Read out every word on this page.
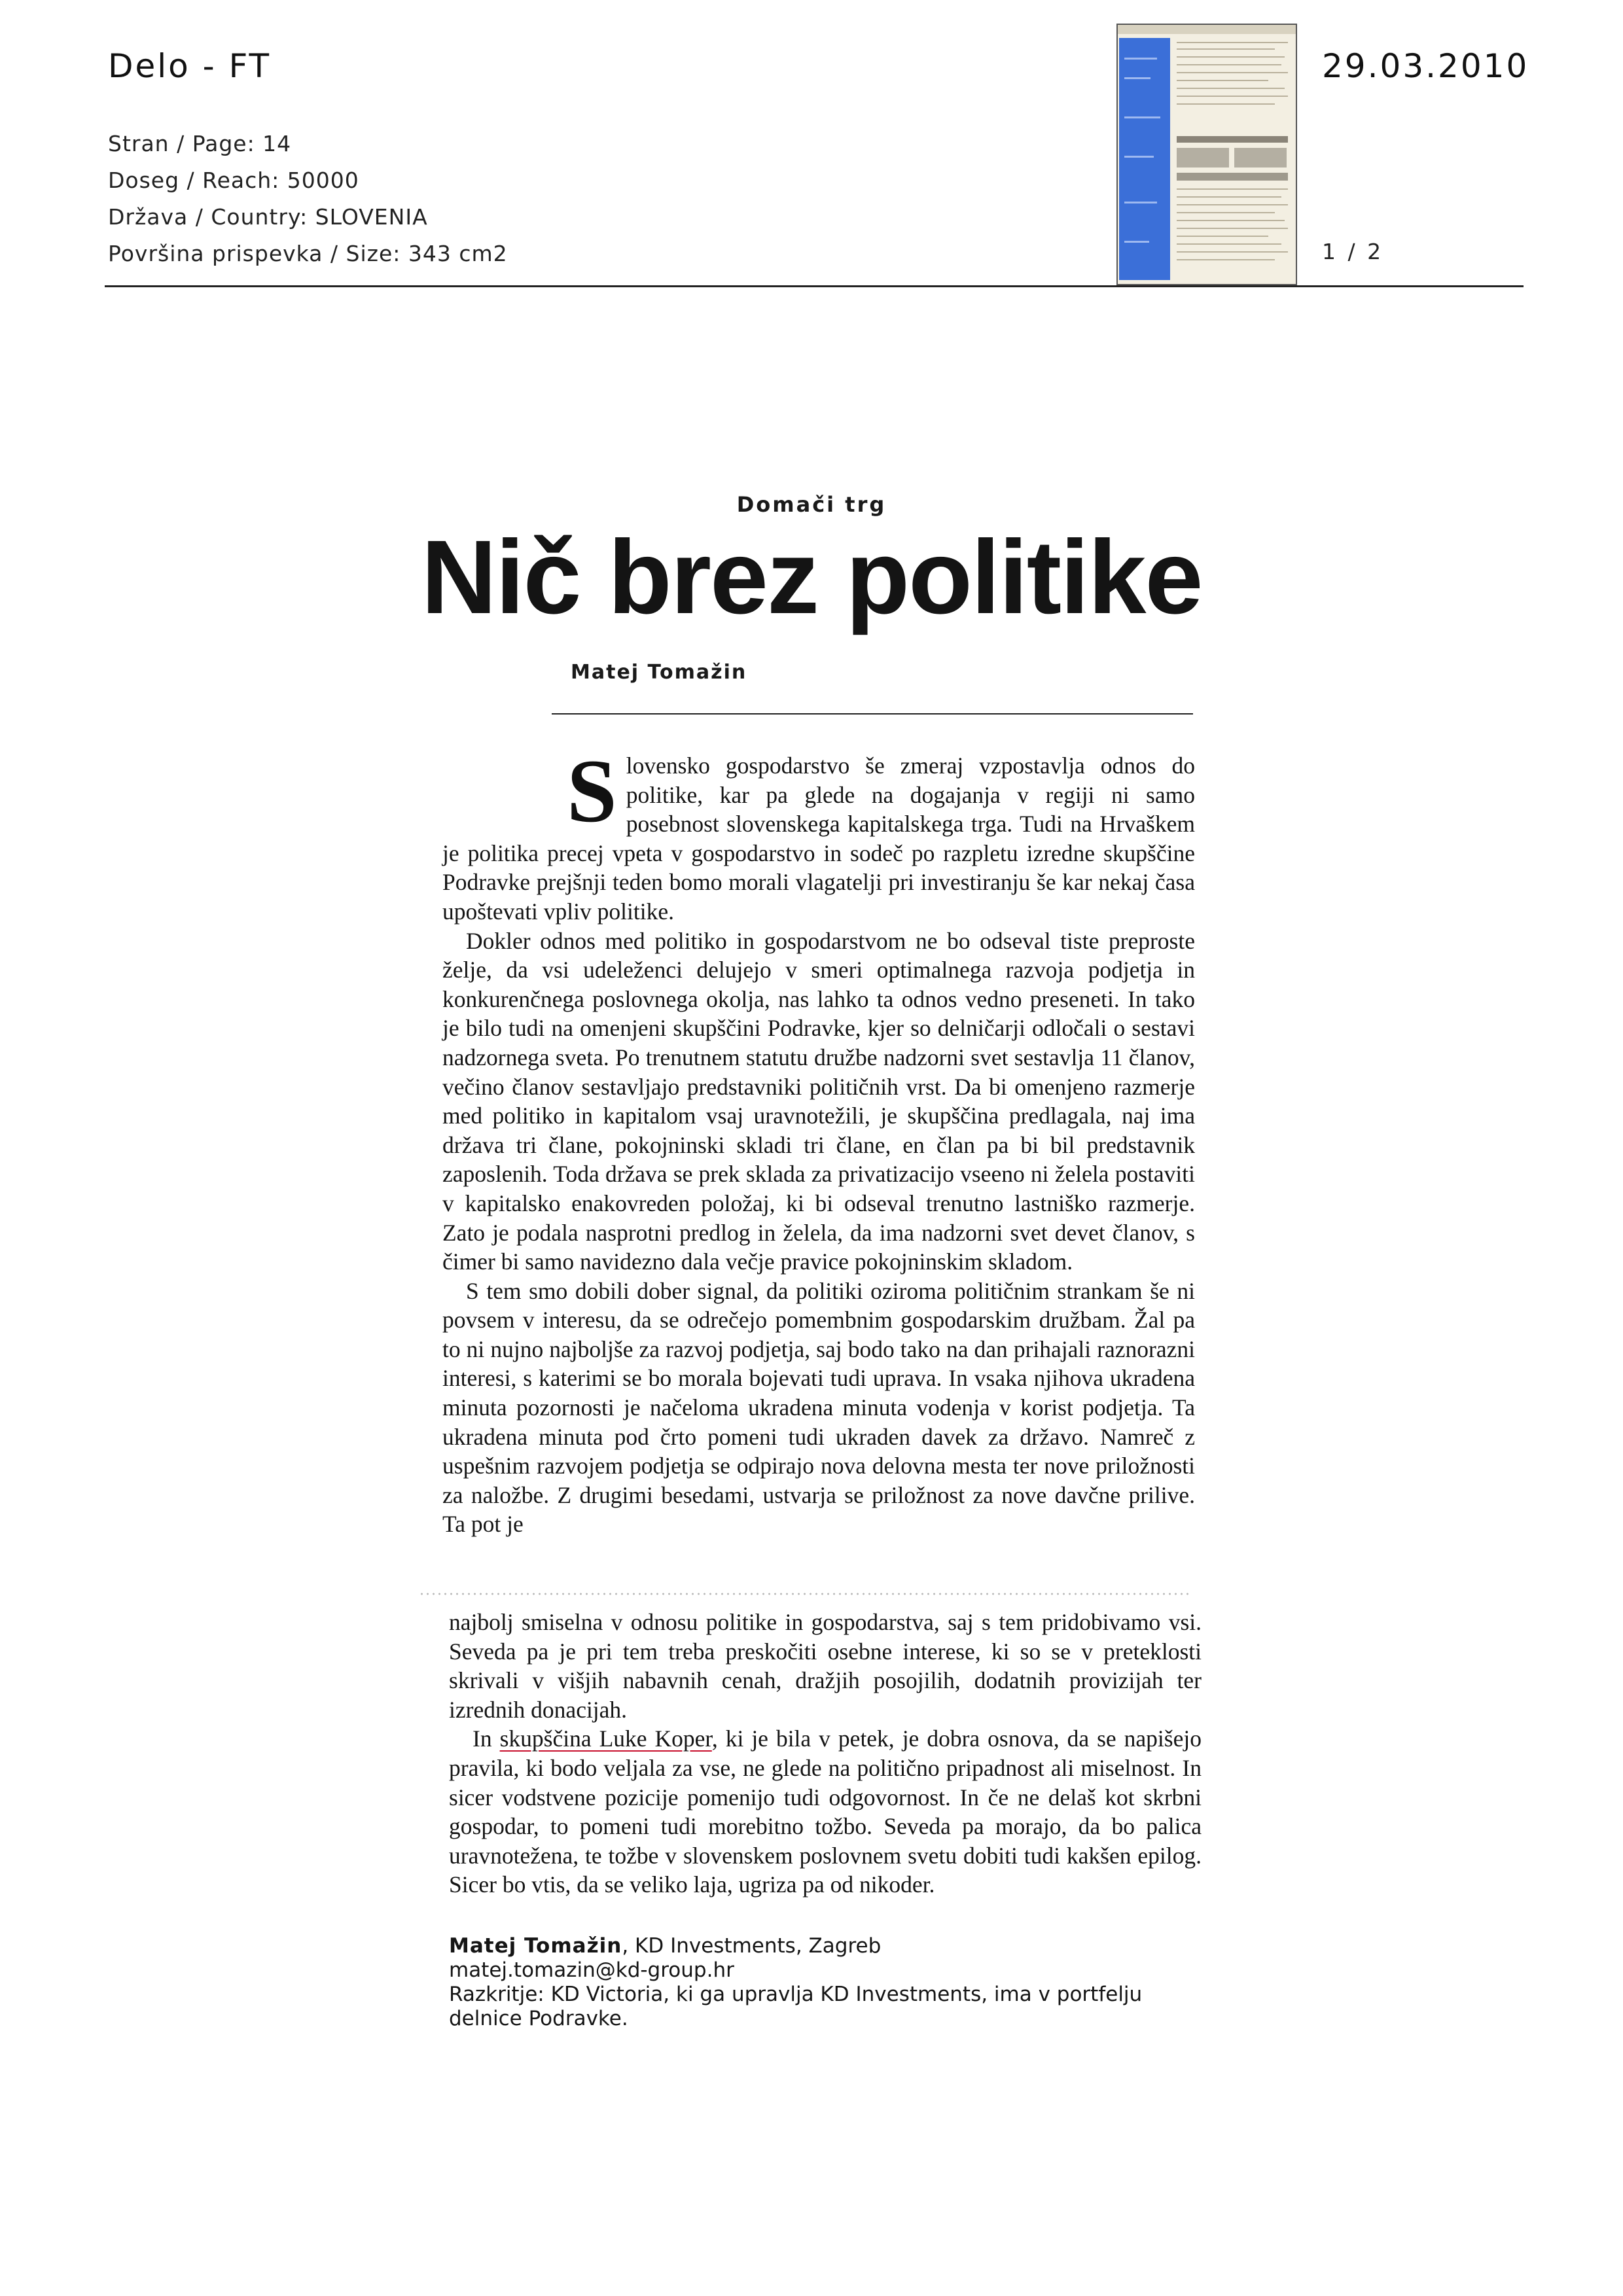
Delo - FT
Stran / Page: 14
Doseg / Reach: 50000
Država / Country: SLOVENIA
Površina prispevka / Size: 343 cm2
29.03.2010
1 / 2
Domači trg
Nič brez politike
Matej Tomažin

Slovensko gospodarstvo še zmeraj vzpostavlja odnos do politike, kar pa glede na dogajanja v regiji ni samo posebnost slovenskega kapitalskega trga. Tudi na Hrvaškem je politika precej vpeta v gospodarstvo in sodeč po razpletu izredne skupščine Podravke prejšnji teden bomo morali vlagatelji pri investiranju še kar nekaj časa upoštevati vpliv politike.

Dokler odnos med politiko in gospodarstvom ne bo odseval tiste preproste želje, da vsi udeleženci delujejo v smeri optimalnega razvoja podjetja in konkurenčnega poslovnega okolja, nas lahko ta odnos vedno preseneti. In tako je bilo tudi na omenjeni skupščini Podravke, kjer so delničarji odločali o sestavi nadzornega sveta. Po trenutnem statutu družbe nadzorni svet sestavlja 11 članov, večino članov sestavljajo predstavniki političnih vrst. Da bi omenjeno razmerje med politiko in kapitalom vsaj uravnotežili, je skupščina predlagala, naj ima država tri člane, pokojninski skladi tri člane, en član pa bi bil predstavnik zaposlenih. Toda država se prek sklada za privatizacijo vseeno ni želela postaviti v kapitalsko enakovreden položaj, ki bi odseval trenutno lastniško razmerje. Zato je podala nasprotni predlog in želela, da ima nadzorni svet devet članov, s čimer bi samo navidezno dala večje pravice pokojninskim skladom.

S tem smo dobili dober signal, da politiki oziroma političnim strankam še ni povsem v interesu, da se odrečejo pomembnim gospodarskim družbam. Žal pa to ni nujno najboljše za razvoj podjetja, saj bodo tako na dan prihajali raznorazni interesi, s katerimi se bo morala bojevati tudi uprava. In vsaka njihova ukradena minuta pozornosti je načeloma ukradena minuta vodenja v korist podjetja. Ta ukradena minuta pod črto pomeni tudi ukraden davek za državo. Namreč z uspešnim razvojem podjetja se odpirajo nova delovna mesta ter nove priložnosti za naložbe. Z drugimi besedami, ustvarja se priložnost za nove davčne prilive. Ta pot je

najbolj smiselna v odnosu politike in gospodarstva, saj s tem pridobivamo vsi. Seveda pa je pri tem treba preskočiti osebne interese, ki so se v preteklosti skrivali v višjih nabavnih cenah, dražjih posojilih, dodatnih provizijah ter izrednih donacijah.

In skupščina Luke Koper, ki je bila v petek, je dobra osnova, da se napišejo pravila, ki bodo veljala za vse, ne glede na politično pripadnost ali miselnost. In sicer vodstvene pozicije pomenijo tudi odgovornost. In če ne delaš kot skrbni gospodar, to pomeni tudi morebitno tožbo. Seveda pa morajo, da bo palica uravnotežena, te tožbe v slovenskem poslovnem svetu dobiti tudi kakšen epilog. Sicer bo vtis, da se veliko laja, ugriza pa od nikoder.

Matej Tomažin, KD Investments, Zagreb
matej.tomazin@kd-group.hr
Razkritje: KD Victoria, ki ga upravlja KD Investments, ima v portfelju delnice Podravke.
